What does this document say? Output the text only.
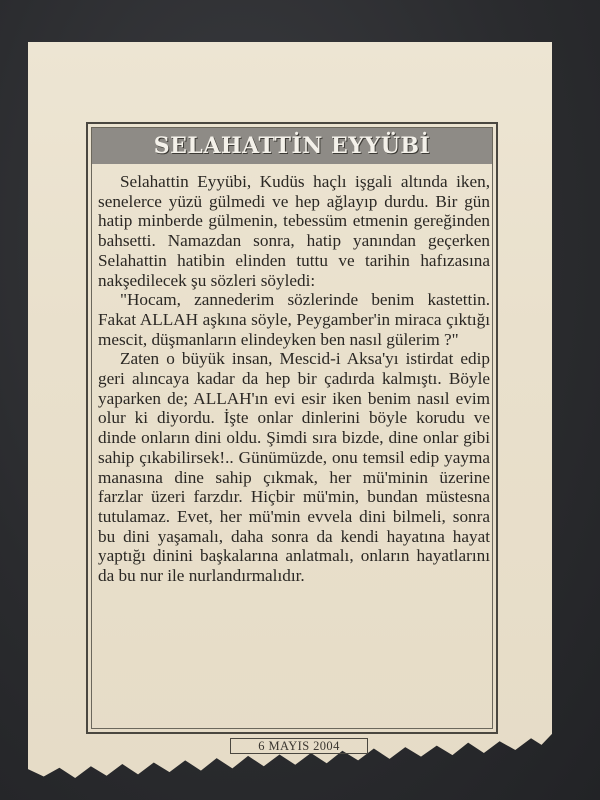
SELAHATTİN EYYÜBİ

Selahattin Eyyübi, Kudüs haçlı işgali altında iken, senelerce yüzü gülmedi ve hep ağlayıp durdu. Bir gün hatip minberde gülmenin, tebessüm etmenin gereğinden bahsetti. Namazdan sonra, hatip yanından geçerken Selahattin hatibin elinden tuttu ve tarihin hafızasına nakşedilecek şu sözleri söyledi:

"Hocam, zannederim sözlerinde benim kastettin. Fakat ALLAH aşkına söyle, Peygamber'in miraca çıktığı mescit, düşmanların elindeyken ben nasıl gülerim ?"

Zaten o büyük insan, Mescid-i Aksa'yı istirdat edip geri alıncaya kadar da hep bir çadırda kalmıştı. Böyle yaparken de; ALLAH'ın evi esir iken benim nasıl evim olur ki diyordu. İşte onlar dinlerini böyle korudu ve dinde onların dini oldu. Şimdi sıra bizde, dine onlar gibi sahip çıkabilirsek!.. Günümüzde, onu temsil edip yayma manasına dine sahip çıkmak, her mü'minin üzerine farzlar üzeri farzdır. Hiçbir mü'min, bundan müstesna tutulamaz. Evet, her mü'min evvela dini bilmeli, sonra bu dini yaşamalı, daha sonra da kendi hayatına hayat yaptığı dinini başkalarına anlatmalı, onların hayatlarını da bu nur ile nurlandırmalıdır.

6 MAYIS 2004
